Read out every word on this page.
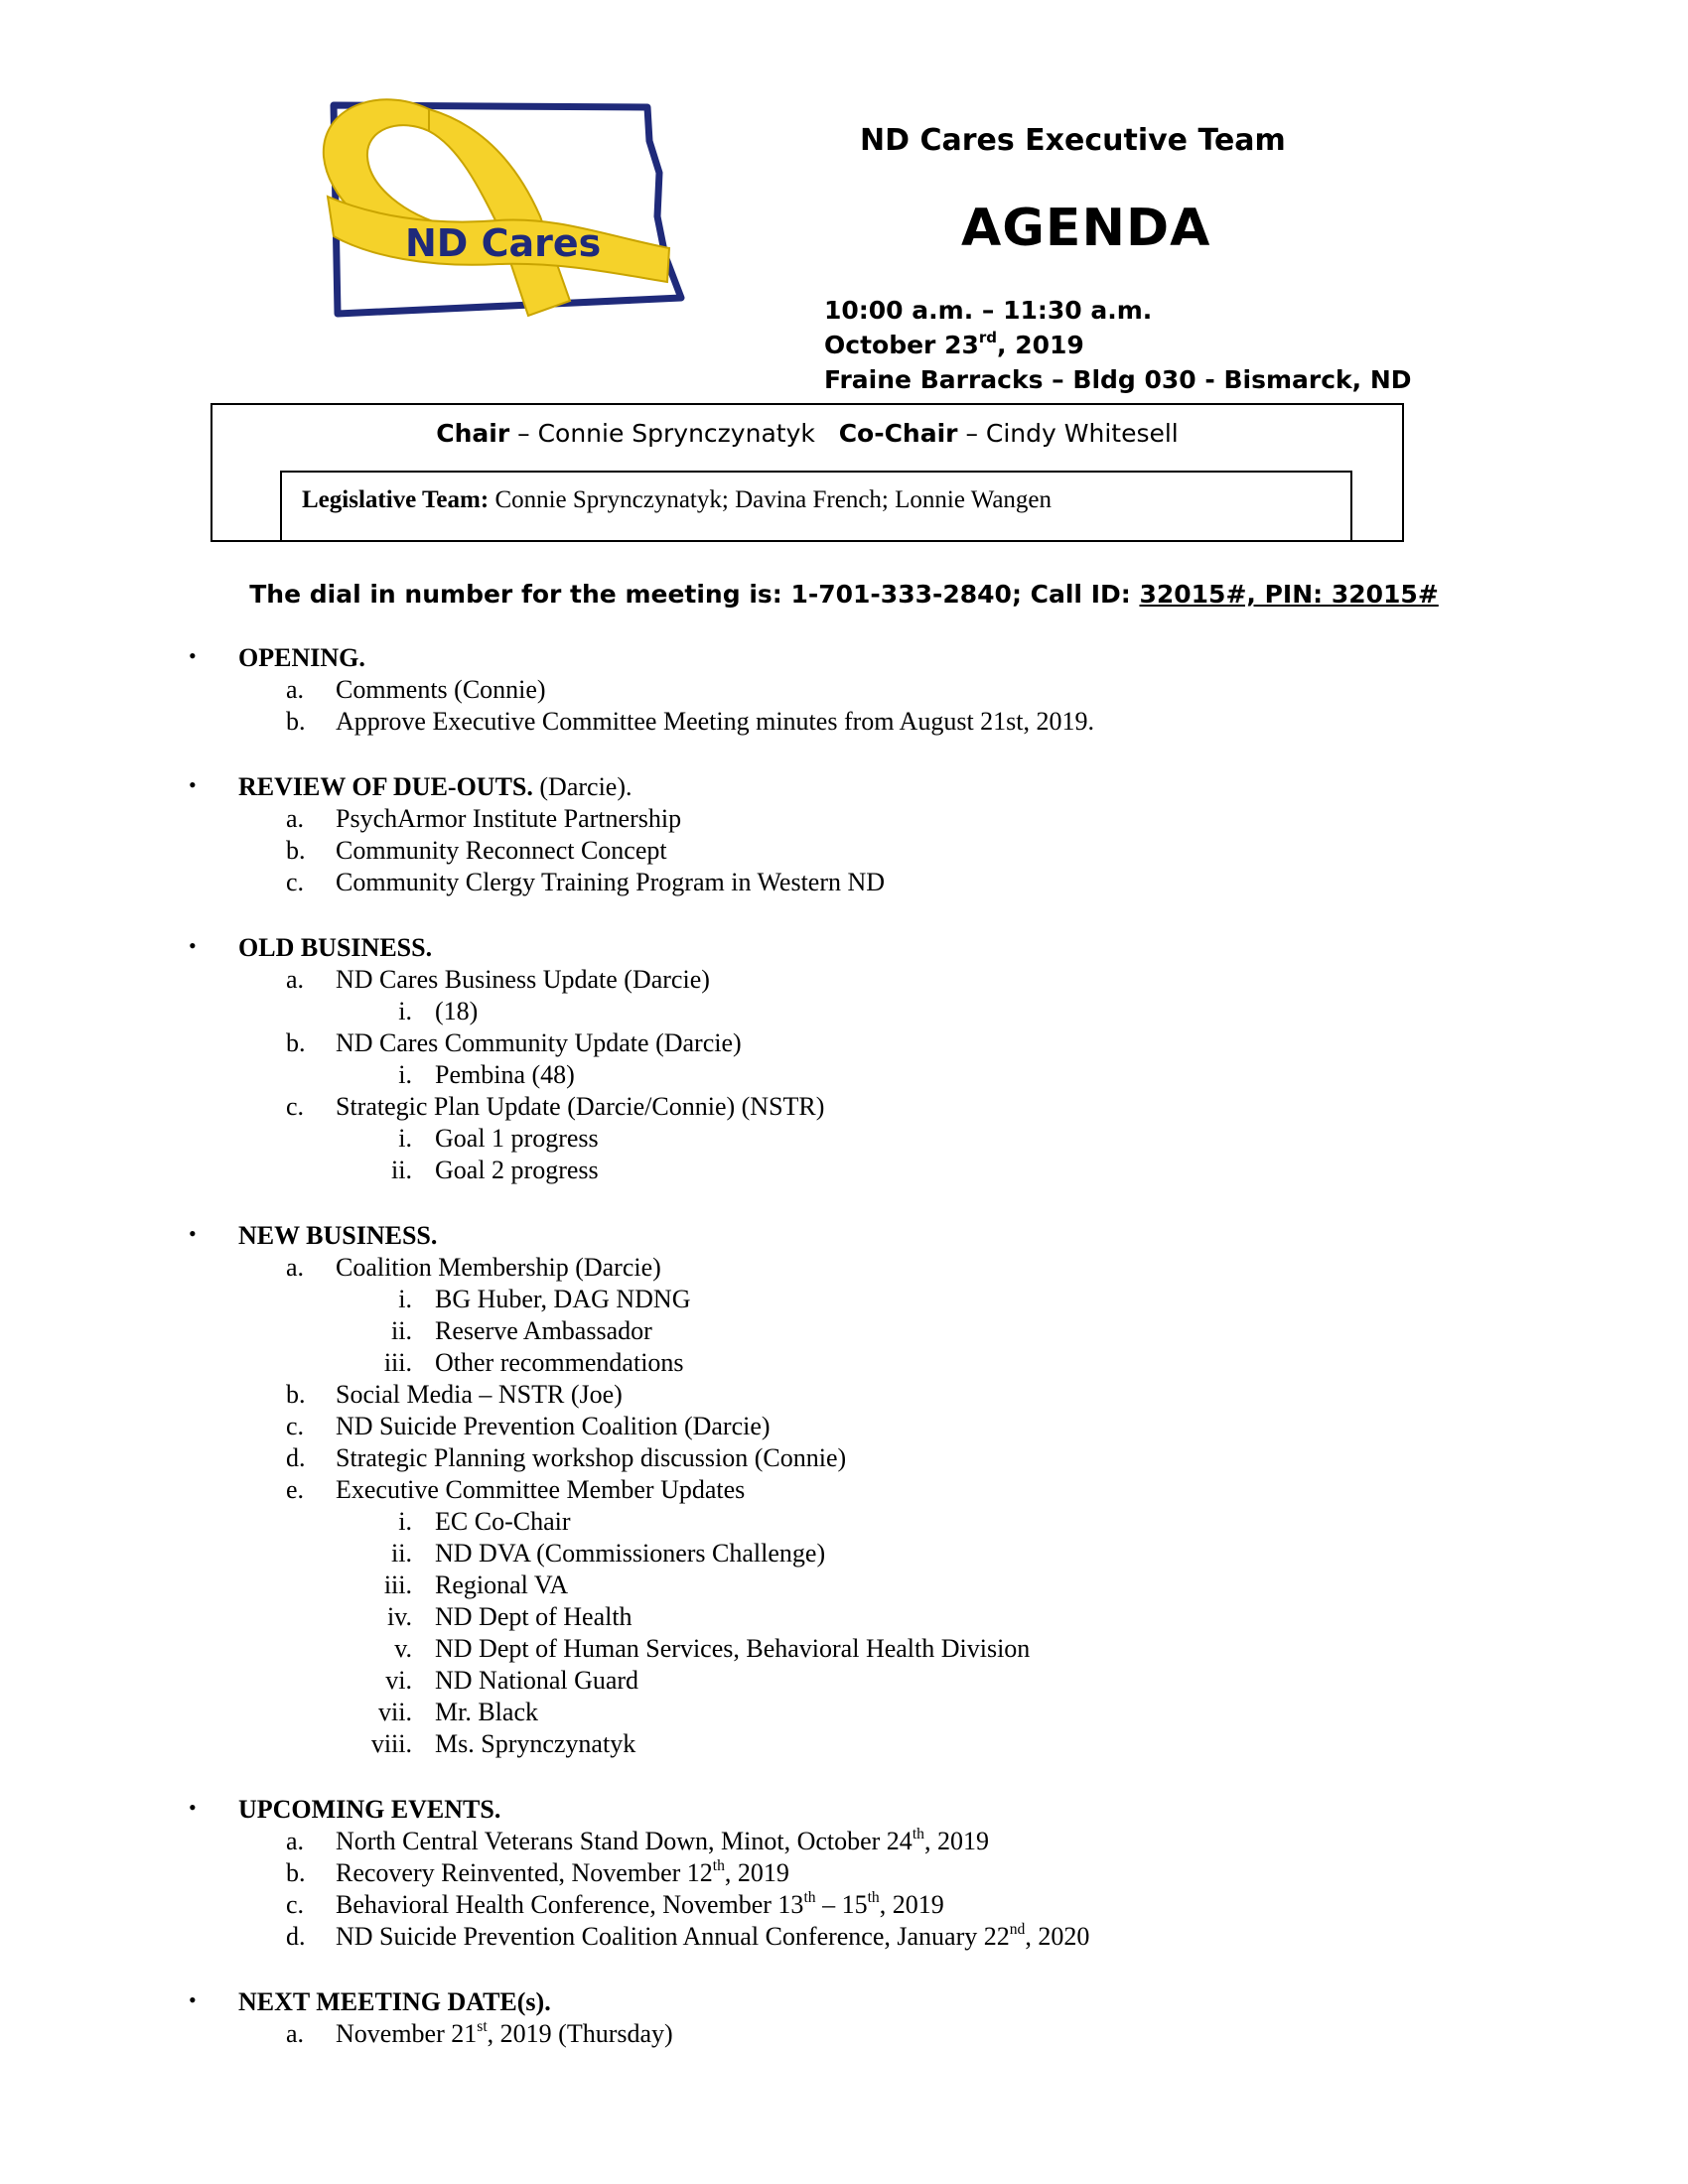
ND Cares
ND Cares Executive Team
AGENDA
10:00 a.m. – 11:30 a.m.
October 23rd, 2019
Fraine Barracks – Bldg 030 - Bismarck, ND
Chair – Connie Sprynczynatyk Co-Chair – Cindy Whitesell
Legislative Team: Connie Sprynczynatyk; Davina French; Lonnie Wangen
The dial in number for the meeting is: 1-701-333-2840; Call ID: 32015#, PIN: 32015#
• OPENING.
a. Comments (Connie)
b. Approve Executive Committee Meeting minutes from August 21st, 2019.
• REVIEW OF DUE-OUTS. (Darcie).
a. PsychArmor Institute Partnership
b. Community Reconnect Concept
c. Community Clergy Training Program in Western ND
• OLD BUSINESS.
a. ND Cares Business Update (Darcie)
i. (18)
b. ND Cares Community Update (Darcie)
i. Pembina (48)
c. Strategic Plan Update (Darcie/Connie) (NSTR)
i. Goal 1 progress
ii. Goal 2 progress
• NEW BUSINESS.
a. Coalition Membership (Darcie)
i. BG Huber, DAG NDNG
ii. Reserve Ambassador
iii. Other recommendations
b. Social Media – NSTR (Joe)
c. ND Suicide Prevention Coalition (Darcie)
d. Strategic Planning workshop discussion (Connie)
e. Executive Committee Member Updates
i. EC Co-Chair
ii. ND DVA (Commissioners Challenge)
iii. Regional VA
iv. ND Dept of Health
v. ND Dept of Human Services, Behavioral Health Division
vi. ND National Guard
vii. Mr. Black
viii. Ms. Sprynczynatyk
• UPCOMING EVENTS.
a. North Central Veterans Stand Down, Minot, October 24th, 2019
b. Recovery Reinvented, November 12th, 2019
c. Behavioral Health Conference, November 13th – 15th, 2019
d. ND Suicide Prevention Coalition Annual Conference, January 22nd, 2020
• NEXT MEETING DATE(s).
a. November 21st, 2019 (Thursday)
